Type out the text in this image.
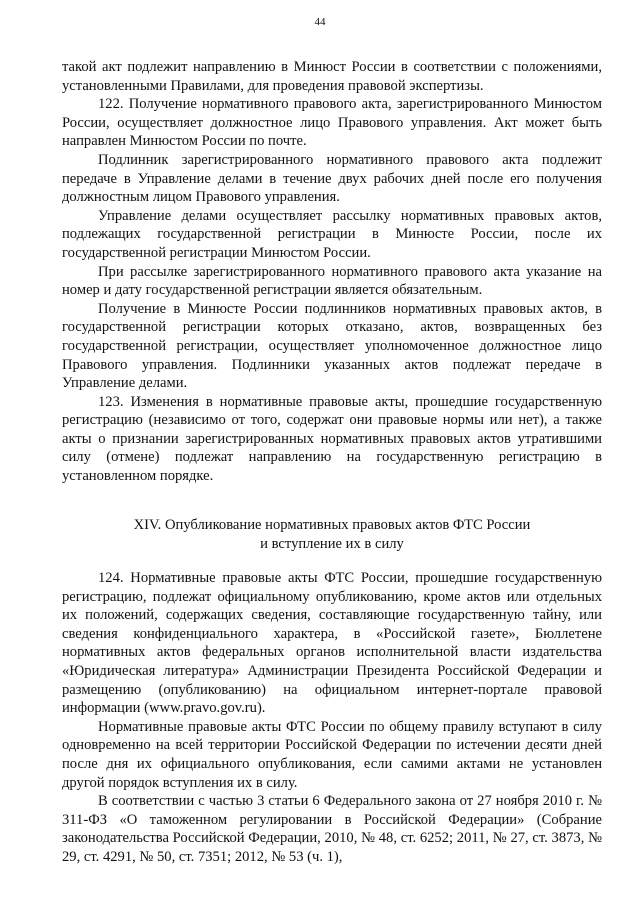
44

такой акт подлежит направлению в Минюст России в соответствии с положениями, установленными Правилами, для проведения правовой экспертизы.

122. Получение нормативного правового акта, зарегистрированного Минюстом России, осуществляет должностное лицо Правового управления. Акт может быть направлен Минюстом России по почте.

Подлинник зарегистрированного нормативного правового акта подлежит передаче в Управление делами в течение двух рабочих дней после его получения должностным лицом Правового управления.

Управление делами осуществляет рассылку нормативных правовых актов, подлежащих государственной регистрации в Минюсте России, после их государственной регистрации Минюстом России.

При рассылке зарегистрированного нормативного правового акта указание на номер и дату государственной регистрации является обязательным.

Получение в Минюсте России подлинников нормативных правовых актов, в государственной регистрации которых отказано, актов, возвращенных без государственной регистрации, осуществляет уполномоченное должностное лицо Правового управления. Подлинники указанных актов подлежат передаче в Управление делами.

123. Изменения в нормативные правовые акты, прошедшие государственную регистрацию (независимо от того, содержат они правовые нормы или нет), а также акты о признании зарегистрированных нормативных правовых актов утратившими силу (отмене) подлежат направлению на государственную регистрацию в установленном порядке.

XIV. Опубликование нормативных правовых актов ФТС России
и вступление их в силу

124. Нормативные правовые акты ФТС России, прошедшие государственную регистрацию, подлежат официальному опубликованию, кроме актов или отдельных их положений, содержащих сведения, составляющие государственную тайну, или сведения конфиденциального характера, в «Российской газете», Бюллетене нормативных актов федеральных органов исполнительной власти издательства «Юридическая литература» Администрации Президента Российской Федерации и размещению (опубликованию) на официальном интернет-портале правовой информации (www.pravo.gov.ru).

Нормативные правовые акты ФТС России по общему правилу вступают в силу одновременно на всей территории Российской Федерации по истечении десяти дней после дня их официального опубликования, если самими актами не установлен другой порядок вступления их в силу.

В соответствии с частью 3 статьи 6 Федерального закона от 27 ноября 2010 г. № 311-ФЗ «О таможенном регулировании в Российской Федерации» (Собрание законодательства Российской Федерации, 2010, № 48, ст. 6252; 2011, № 27, ст. 3873, № 29, ст. 4291, № 50, ст. 7351; 2012, № 53 (ч. 1),
